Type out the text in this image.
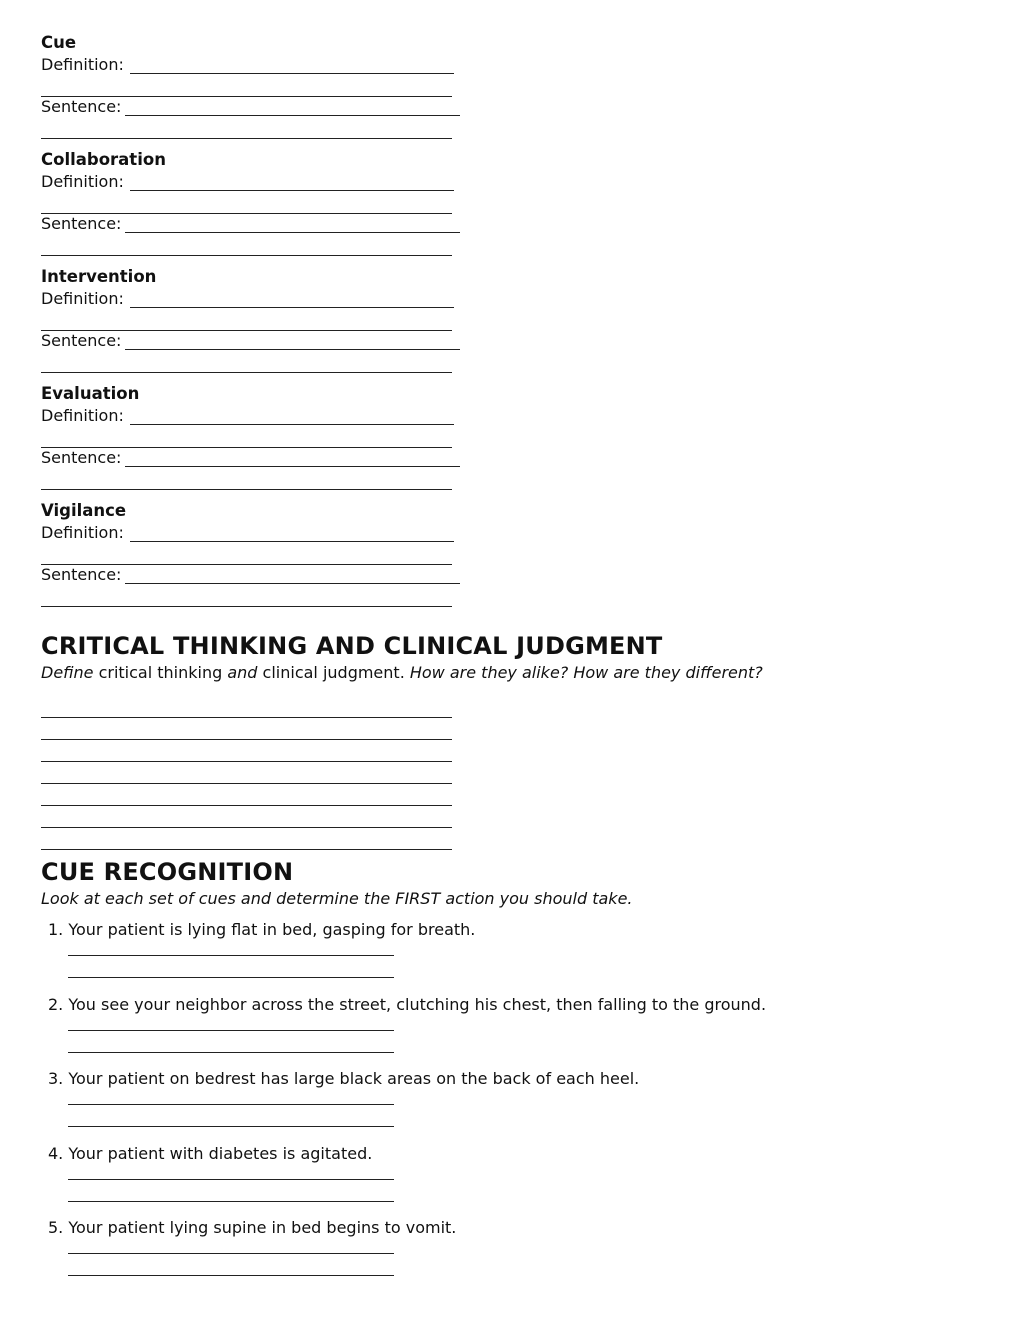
Cue
Definition:
Sentence:
Collaboration
Definition:
Sentence:
Intervention
Definition:
Sentence:
Evaluation
Definition:
Sentence:
Vigilance
Definition:
Sentence:
CRITICAL THINKING AND CLINICAL JUDGMENT
Define critical thinking and clinical judgment. How are they alike? How are they different?
CUE RECOGNITION
Look at each set of cues and determine the FIRST action you should take.
1. Your patient is lying flat in bed, gasping for breath.
2. You see your neighbor across the street, clutching his chest, then falling to the ground.
3. Your patient on bedrest has large black areas on the back of each heel.
4. Your patient with diabetes is agitated.
5. Your patient lying supine in bed begins to vomit.
